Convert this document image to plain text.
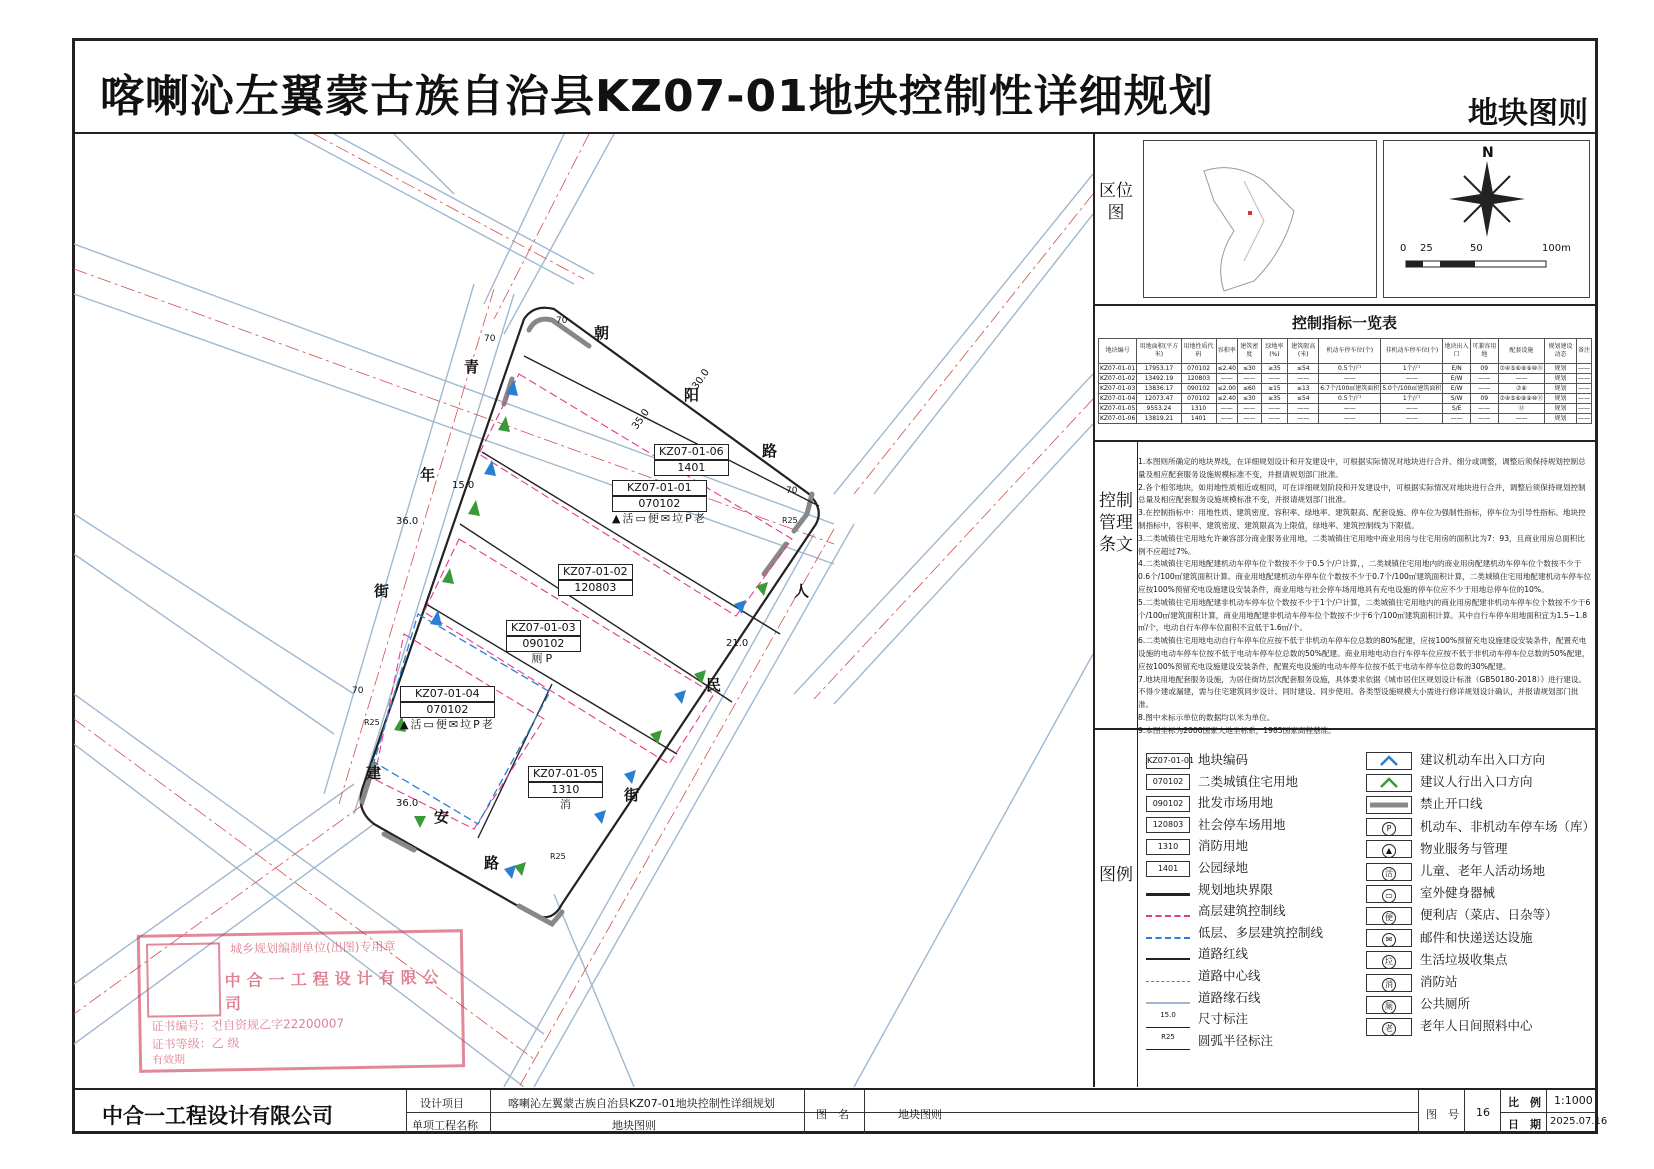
喀喇沁左翼蒙古族自治县KZ07-01地块控制性详细规划	地块图则
青
年
街
朝
阳
路
人
民
街
建
安
路
30.0
35.0
15.0
36.0
21.0
36.0
70
70
70
70
R25
R25
R25
KZ07-01-06
1401
KZ07-01-01
070102
▲活▭便✉垃P老
KZ07-01-02
120803
KZ07-01-03
090102
厕P
KZ07-01-04
070102
▲活▭便✉垃P老
KZ07-01-05
1310
消
城乡规划编制单位(出图)专用章
中合一工程设计有限公司
证书编号：건自资规乙字22200007
证书等级：乙 级
有效期
区位图
N
0 25	50	100m
控制管理条文
图例
控制指标一览表
地块编号	用地面积(平方米)	用地性质代码	容积率	建筑密度	绿地率(%)	建筑限高(米)	机动车停车位(个)	非机动车停车位(个)	地块出入口	可兼容用地	配套设施	规划建设动态	备注
KZ07-01-01	17953.17	070102	≤2.40	≤30	≥35	≤54	0.5个/户	1个/户	E/N	09	⑦④⑤⑥⑧⑨⑩⑪	规划	——
KZ07-01-02	13492.19	120803	——	——	——	——	——	——	E/W	——	——	规划	——
KZ07-01-03	13836.17	090102	≤2.00	≤60	≥15	≤13	6.7个/100㎡建筑面积	5.0个/100㎡建筑面积	E/W	——	⑦⑧	规划	——
KZ07-01-04	12073.47	070102	≤2.40	≤30	≥35	≤54	0.5个/户	1个/户	S/W	09	⑦④⑤⑥⑧⑨⑩⑪	规划	——
KZ07-01-05	9553.24	1310	——	——	——	——	——	——	S/E	——	⑬	规划	——
KZ07-01-06	13819.21	1401	——	——	——	——	——	——	——	——	——	规划	——

1.本图则所确定的地块界线，在详细规划设计和开发建设中，可根据实际情况对地块进行合并、细分或调整，调整后须保持规划控制总量及相应配套服务设施规模标准不变，并报请规划部门批准。

2.各个相邻地块，如用地性质相近或相同，可在详细规划阶段和开发建设中，可根据实际情况对地块进行合并，调整后须保持规划控制总量及相应配套服务设施规模标准不变，并报请规划部门批准。

3.在控制指标中：用地性质、建筑密度、容积率、绿地率、建筑限高、配套设施、停车位为强制性指标，停车位为引导性指标。地块控制指标中，容积率、建筑密度、建筑限高为上限值，绿地率、建筑控制线为下限值。

3.二类城镇住宅用地允许兼容部分商业服务业用地，二类城镇住宅用地中商业用房与住宅用房的面积比为7：93，且商业用房总面积比例不应超过7%。

4.二类城镇住宅用地配建机动车停车位个数按不少于0.5个/户计算，，二类城镇住宅用地内的商业用房配建机动车停车位个数按不少于0.6个/100㎡建筑面积计算。商业用地配建机动车停车位个数按不少于0.7个/100㎡建筑面积计算，二类城镇住宅用地配建机动车停车位应按100%预留充电设施建设安装条件，商业用地与社会停车场用地具有充电设施的停车位应不少于用地总停车位的10%。

5.二类城镇住宅用地配建非机动车停车位个数按不少于1个/户计算，二类城镇住宅用地内的商业用房配建非机动车停车位个数按不少于6个/100㎡建筑面积计算，商业用地配建非机动车停车位个数按不少于6个/100㎡建筑面积计算。其中自行车停车用地面积宜为1.5~1.8㎡/个，电动自行车停车位面积不宜低于1.6㎡/个。

6.二类城镇住宅用地电动自行车停车位应按不低于非机动车停车位总数的80%配建，应按100%预留充电设施建设安装条件，配置充电设施的电动车停车位按不低于电动车停车位总数的50%配建。商业用地电动自行车停车位应按不低于非机动车停车位总数的50%配建，应按100%预留充电设施建设安装条件，配置充电设施的电动车停车位按不低于电动车停车位总数的30%配建。

7.地块用地配套服务设施，为居住街坊层次配套服务设施，具体要求依据《城市居住区规划设计标准（GB50180-2018）》进行建设。不得少建或漏建，需与住宅建筑同步设计、同时建设、同步使用。各类型设施规模大小需进行修详规划设计确认，并报请规划部门批准。

8.图中未标示单位的数据均以米为单位。

9.本图坐标为2000国家大地坐标系，1985国家高程基准。

KZ07-01-01 地块编码
070102 二类城镇住宅用地
090102 批发市场用地
120803 社会停车场用地
1310 消防用地
1401 公园绿地
规划地块界限
高层建筑控制线
低层、多层建筑控制线
道路红线
道路中心线
道路缘石线
15.0 尺寸标注
R25 圆弧半径标注
建议机动车出入口方向
建议人行出入口方向
禁止开口线
P 机动车、非机动车停车场（库）
▲ 物业服务与管理
活 儿童、老年人活动场地
▭ 室外健身器械
便 便利店（菜店、日杂等）
✉ 邮件和快递送达设施
垃 生活垃圾收集点
消 消防站
厕 公共厕所
老 老年人日间照料中心
中合一工程设计有限公司
设计项目	喀喇沁左翼蒙古族自治县KZ07-01地块控制性详细规划
单项工程名称	地块图则
图　名	地块图则	图　号 16
比　例 1:1000
日　期 2025.07.16
